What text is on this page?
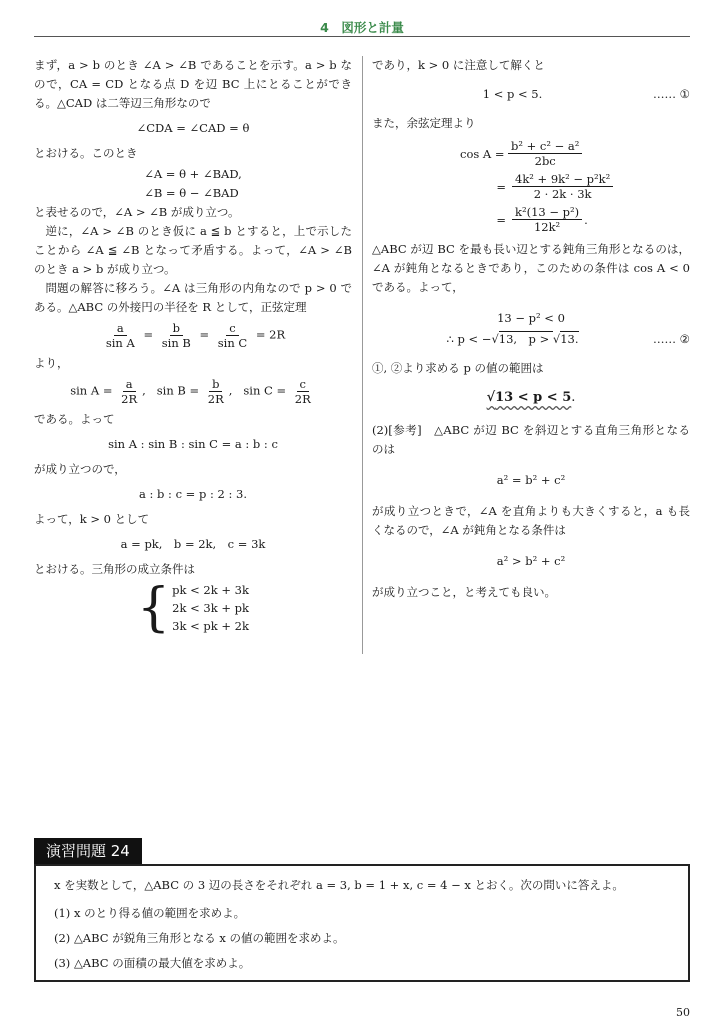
4　図形と計量

まず，a > b のとき ∠A > ∠B であることを示す。a > b なので，CA = CD となる点 D を辺 BC 上にとることができる。△CAD は二等辺三角形なので

∠CDA = ∠CAD = θ

とおける。このとき

∠A = θ + ∠BAD,
∠B = θ − ∠BAD

と表せるので，∠A > ∠B が成り立つ。

逆に，∠A > ∠B のとき仮に a ≦ b とすると，上で示したことから ∠A ≦ ∠B となって矛盾する。よって，∠A > ∠B のとき a > b が成り立つ。

問題の解答に移ろう。∠A は三角形の内角なので p > 0 である。△ABC の外接円の半径を R として，正弦定理

$\frac{a}{\text{sin A}} = \frac{b}{\text{sin B}} = \frac{c}{\text{sin C}} = 2R$

より，

$\sin A = \frac{a}{2R}$ , $\sin B = \frac{b}{2R}$ , $\sin C = \frac{c}{2R}$

である。よって

sin A : sin B : sin C = a : b : c

が成り立つので，

a : b : c = p : 2 : 3.

よって，k > 0 として

a = pk,　b = 2k,　c = 3k

とおける。三角形の成立条件は

{ pk < 2k + 3k
2k < 3k + pk
3k < pk + 2k

であり，k > 0 に注意して解くと

1 < p < 5.	…… ①

また，余弦定理より

$\cos A = \frac{\text{b² + c² − a²}}{2bc}$
= $\frac{\text{4k² + 9k² − p²k²}}{2 \cdot 2k \cdot 3k}$
= $\frac{\text{k²(13 − p²)}}{\text{12k²}}$ .

△ABC が辺 BC を最も長い辺とする鈍角三角形となるのは，∠A が鈍角となるときであり，このための条件は cos A < 0 である。よって，

13 − p² < 0
∴ p < −√13,　p > √13.	…… ②

①, ②より求める p の値の範囲は

√13 < p < 5.

(2)[参考]　△ABC が辺 BC を斜辺とする直角三角形となるのは

a² = b² + c²

が成り立つときで，∠A を直角よりも大きくすると，a も長くなるので，∠A が鈍角となる条件は

a² > b² + c²

が成り立つこと，と考えても良い。

演習問題 24
x を実数として，△ABC の 3 辺の長さをそれぞれ a = 3, b = 1 + x, c = 4 − x とおく。次の問いに答えよ。
(1) x のとり得る値の範囲を求めよ。
(2) △ABC が鋭角三角形となる x の値の範囲を求めよ。
(3) △ABC の面積の最大値を求めよ。
50
